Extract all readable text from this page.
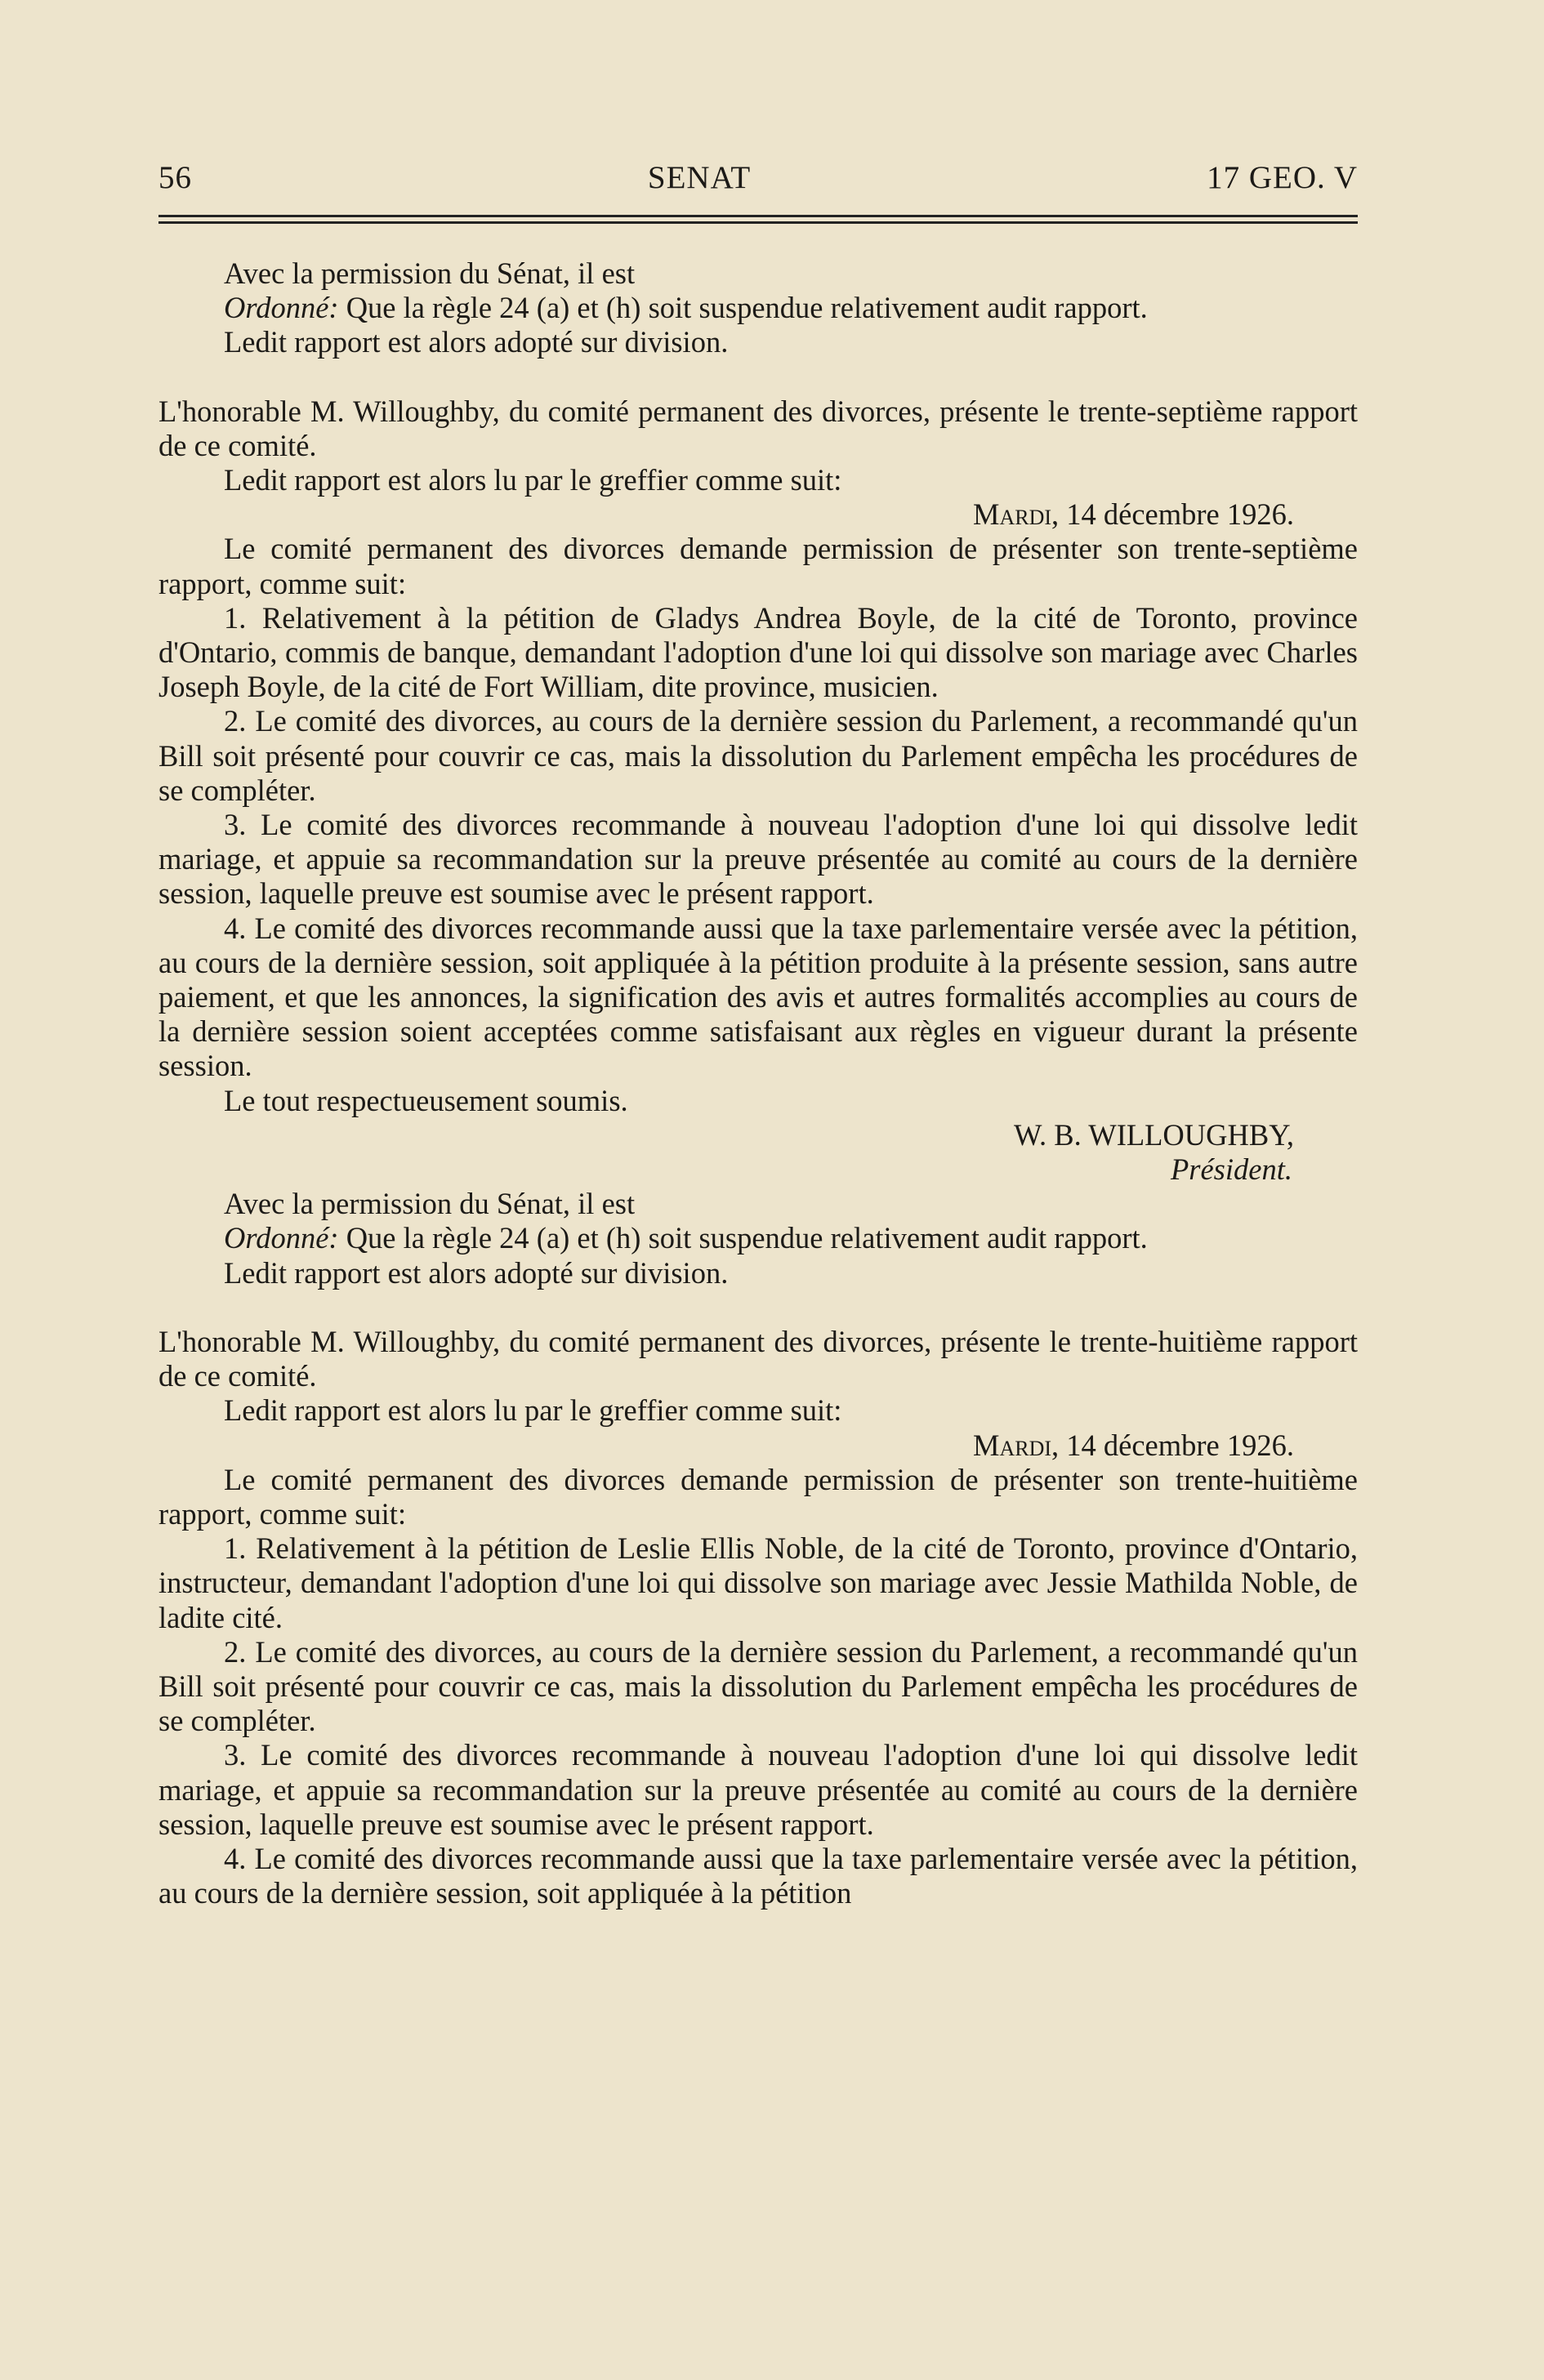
56	SENAT	17 GEO. V

Avec la permission du Sénat, il est

Ordonné: Que la règle 24 (a) et (h) soit suspendue relativement audit rapport.

Ledit rapport est alors adopté sur division.

L'honorable M. Willoughby, du comité permanent des divorces, présente le trente-septième rapport de ce comité.

Ledit rapport est alors lu par le greffier comme suit:

Mardi, 14 décembre 1926.

Le comité permanent des divorces demande permission de présenter son trente-septième rapport, comme suit:

1. Relativement à la pétition de Gladys Andrea Boyle, de la cité de Toronto, province d'Ontario, commis de banque, demandant l'adoption d'une loi qui dissolve son mariage avec Charles Joseph Boyle, de la cité de Fort William, dite province, musicien.

2. Le comité des divorces, au cours de la dernière session du Parlement, a recommandé qu'un Bill soit présenté pour couvrir ce cas, mais la dissolution du Parlement empêcha les procédures de se compléter.

3. Le comité des divorces recommande à nouveau l'adoption d'une loi qui dissolve ledit mariage, et appuie sa recommandation sur la preuve présentée au comité au cours de la dernière session, laquelle preuve est soumise avec le présent rapport.

4. Le comité des divorces recommande aussi que la taxe parlementaire versée avec la pétition, au cours de la dernière session, soit appliquée à la pétition produite à la présente session, sans autre paiement, et que les annonces, la signification des avis et autres formalités accomplies au cours de la dernière session soient acceptées comme satisfaisant aux règles en vigueur durant la présente session.

Le tout respectueusement soumis.

W. B. WILLOUGHBY,

Président.

Avec la permission du Sénat, il est

Ordonné: Que la règle 24 (a) et (h) soit suspendue relativement audit rapport.

Ledit rapport est alors adopté sur division.

L'honorable M. Willoughby, du comité permanent des divorces, présente le trente-huitième rapport de ce comité.

Ledit rapport est alors lu par le greffier comme suit:

Mardi, 14 décembre 1926.

Le comité permanent des divorces demande permission de présenter son trente-huitième rapport, comme suit:

1. Relativement à la pétition de Leslie Ellis Noble, de la cité de Toronto, province d'Ontario, instructeur, demandant l'adoption d'une loi qui dissolve son mariage avec Jessie Mathilda Noble, de ladite cité.

2. Le comité des divorces, au cours de la dernière session du Parlement, a recommandé qu'un Bill soit présenté pour couvrir ce cas, mais la dissolution du Parlement empêcha les procédures de se compléter.

3. Le comité des divorces recommande à nouveau l'adoption d'une loi qui dissolve ledit mariage, et appuie sa recommandation sur la preuve présentée au comité au cours de la dernière session, laquelle preuve est soumise avec le présent rapport.

4. Le comité des divorces recommande aussi que la taxe parlementaire versée avec la pétition, au cours de la dernière session, soit appliquée à la pétition
